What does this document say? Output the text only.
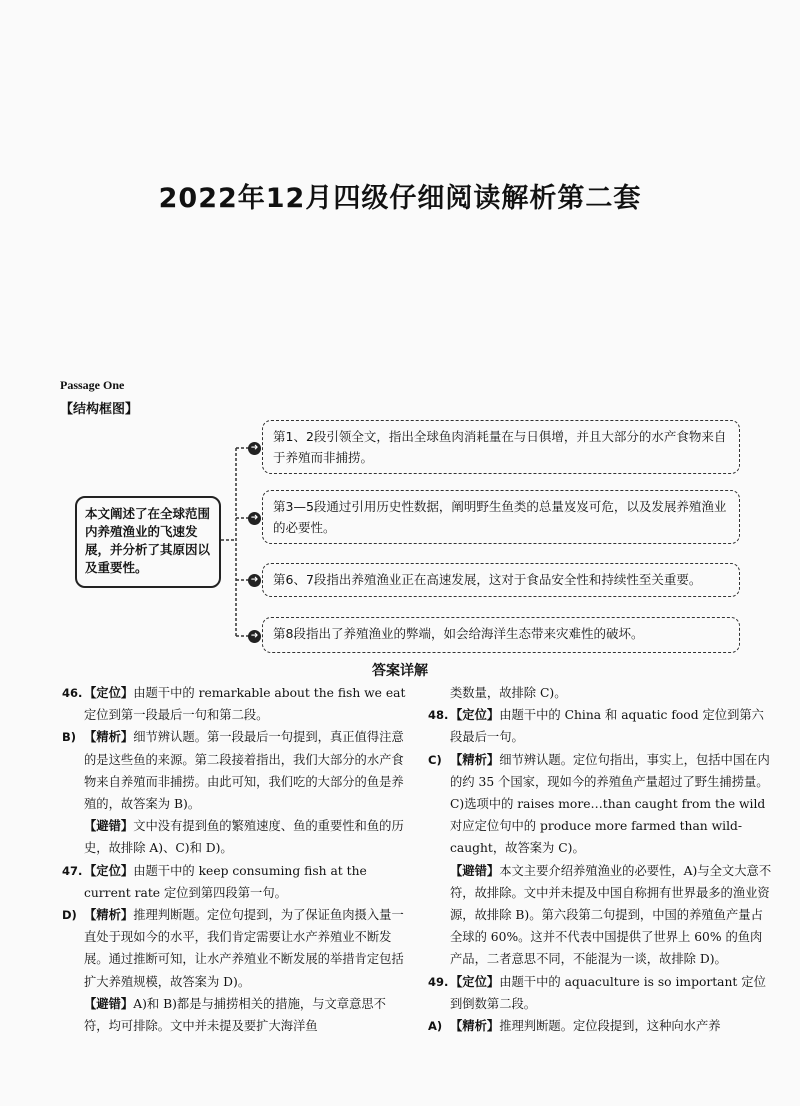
2022年12月四级仔细阅读解析第二套
Passage One
【结构框图】
本文阐述了在全球范围内养殖渔业的飞速发展，并分析了其原因以及重要性。
➜
第1、2段引领全文，指出全球鱼肉消耗量在与日俱增，并且大部分的水产食物来自于养殖而非捕捞。
➜
第3—5段通过引用历史性数据，阐明野生鱼类的总量岌岌可危，以及发展养殖渔业的必要性。
➜	第6、7段指出养殖渔业正在高速发展，这对于食品安全性和持续性至关重要。
➜	第8段指出了养殖渔业的弊端，如会给海洋生态带来灾难性的破坏。
答案详解

46. 【定位】由题干中的 remarkable about the fish we eat 定位到第一段最后一句和第二段。

B) 【精析】细节辨认题。第一段最后一句提到，真正值得注意的是这些鱼的来源。第二段接着指出，我们大部分的水产食物来自养殖而非捕捞。由此可知，我们吃的大部分的鱼是养殖的，故答案为 B)。

【避错】文中没有提到鱼的繁殖速度、鱼的重要性和鱼的历史，故排除 A)、C)和 D)。

47. 【定位】由题干中的 keep consuming fish at the current rate 定位到第四段第一句。

D) 【精析】推理判断题。定位句提到，为了保证鱼肉摄入量一直处于现如今的水平，我们肯定需要让水产养殖业不断发展。通过推断可知，让水产养殖业不断发展的举措肯定包括扩大养殖规模，故答案为 D)。

【避错】A)和 B)都是与捕捞相关的措施，与文章意思不符，均可排除。文中并未提及要扩大海洋鱼

类数量，故排除 C)。

48. 【定位】由题干中的 China 和 aquatic food 定位到第六段最后一句。

C) 【精析】细节辨认题。定位句指出，事实上，包括中国在内的约 35 个国家，现如今的养殖鱼产量超过了野生捕捞量。C)选项中的 raises more…than caught from the wild 对应定位句中的 produce more farmed than wild-caught，故答案为 C)。

【避错】本文主要介绍养殖渔业的必要性，A)与全文大意不符，故排除。文中并未提及中国自称拥有世界最多的渔业资源，故排除 B)。第六段第二句提到，中国的养殖鱼产量占全球的 60%。这并不代表中国提供了世界上 60% 的鱼肉产品，二者意思不同，不能混为一谈，故排除 D)。

49. 【定位】由题干中的 aquaculture is so important 定位到倒数第二段。

A) 【精析】推理判断题。定位段提到，这种向水产养
